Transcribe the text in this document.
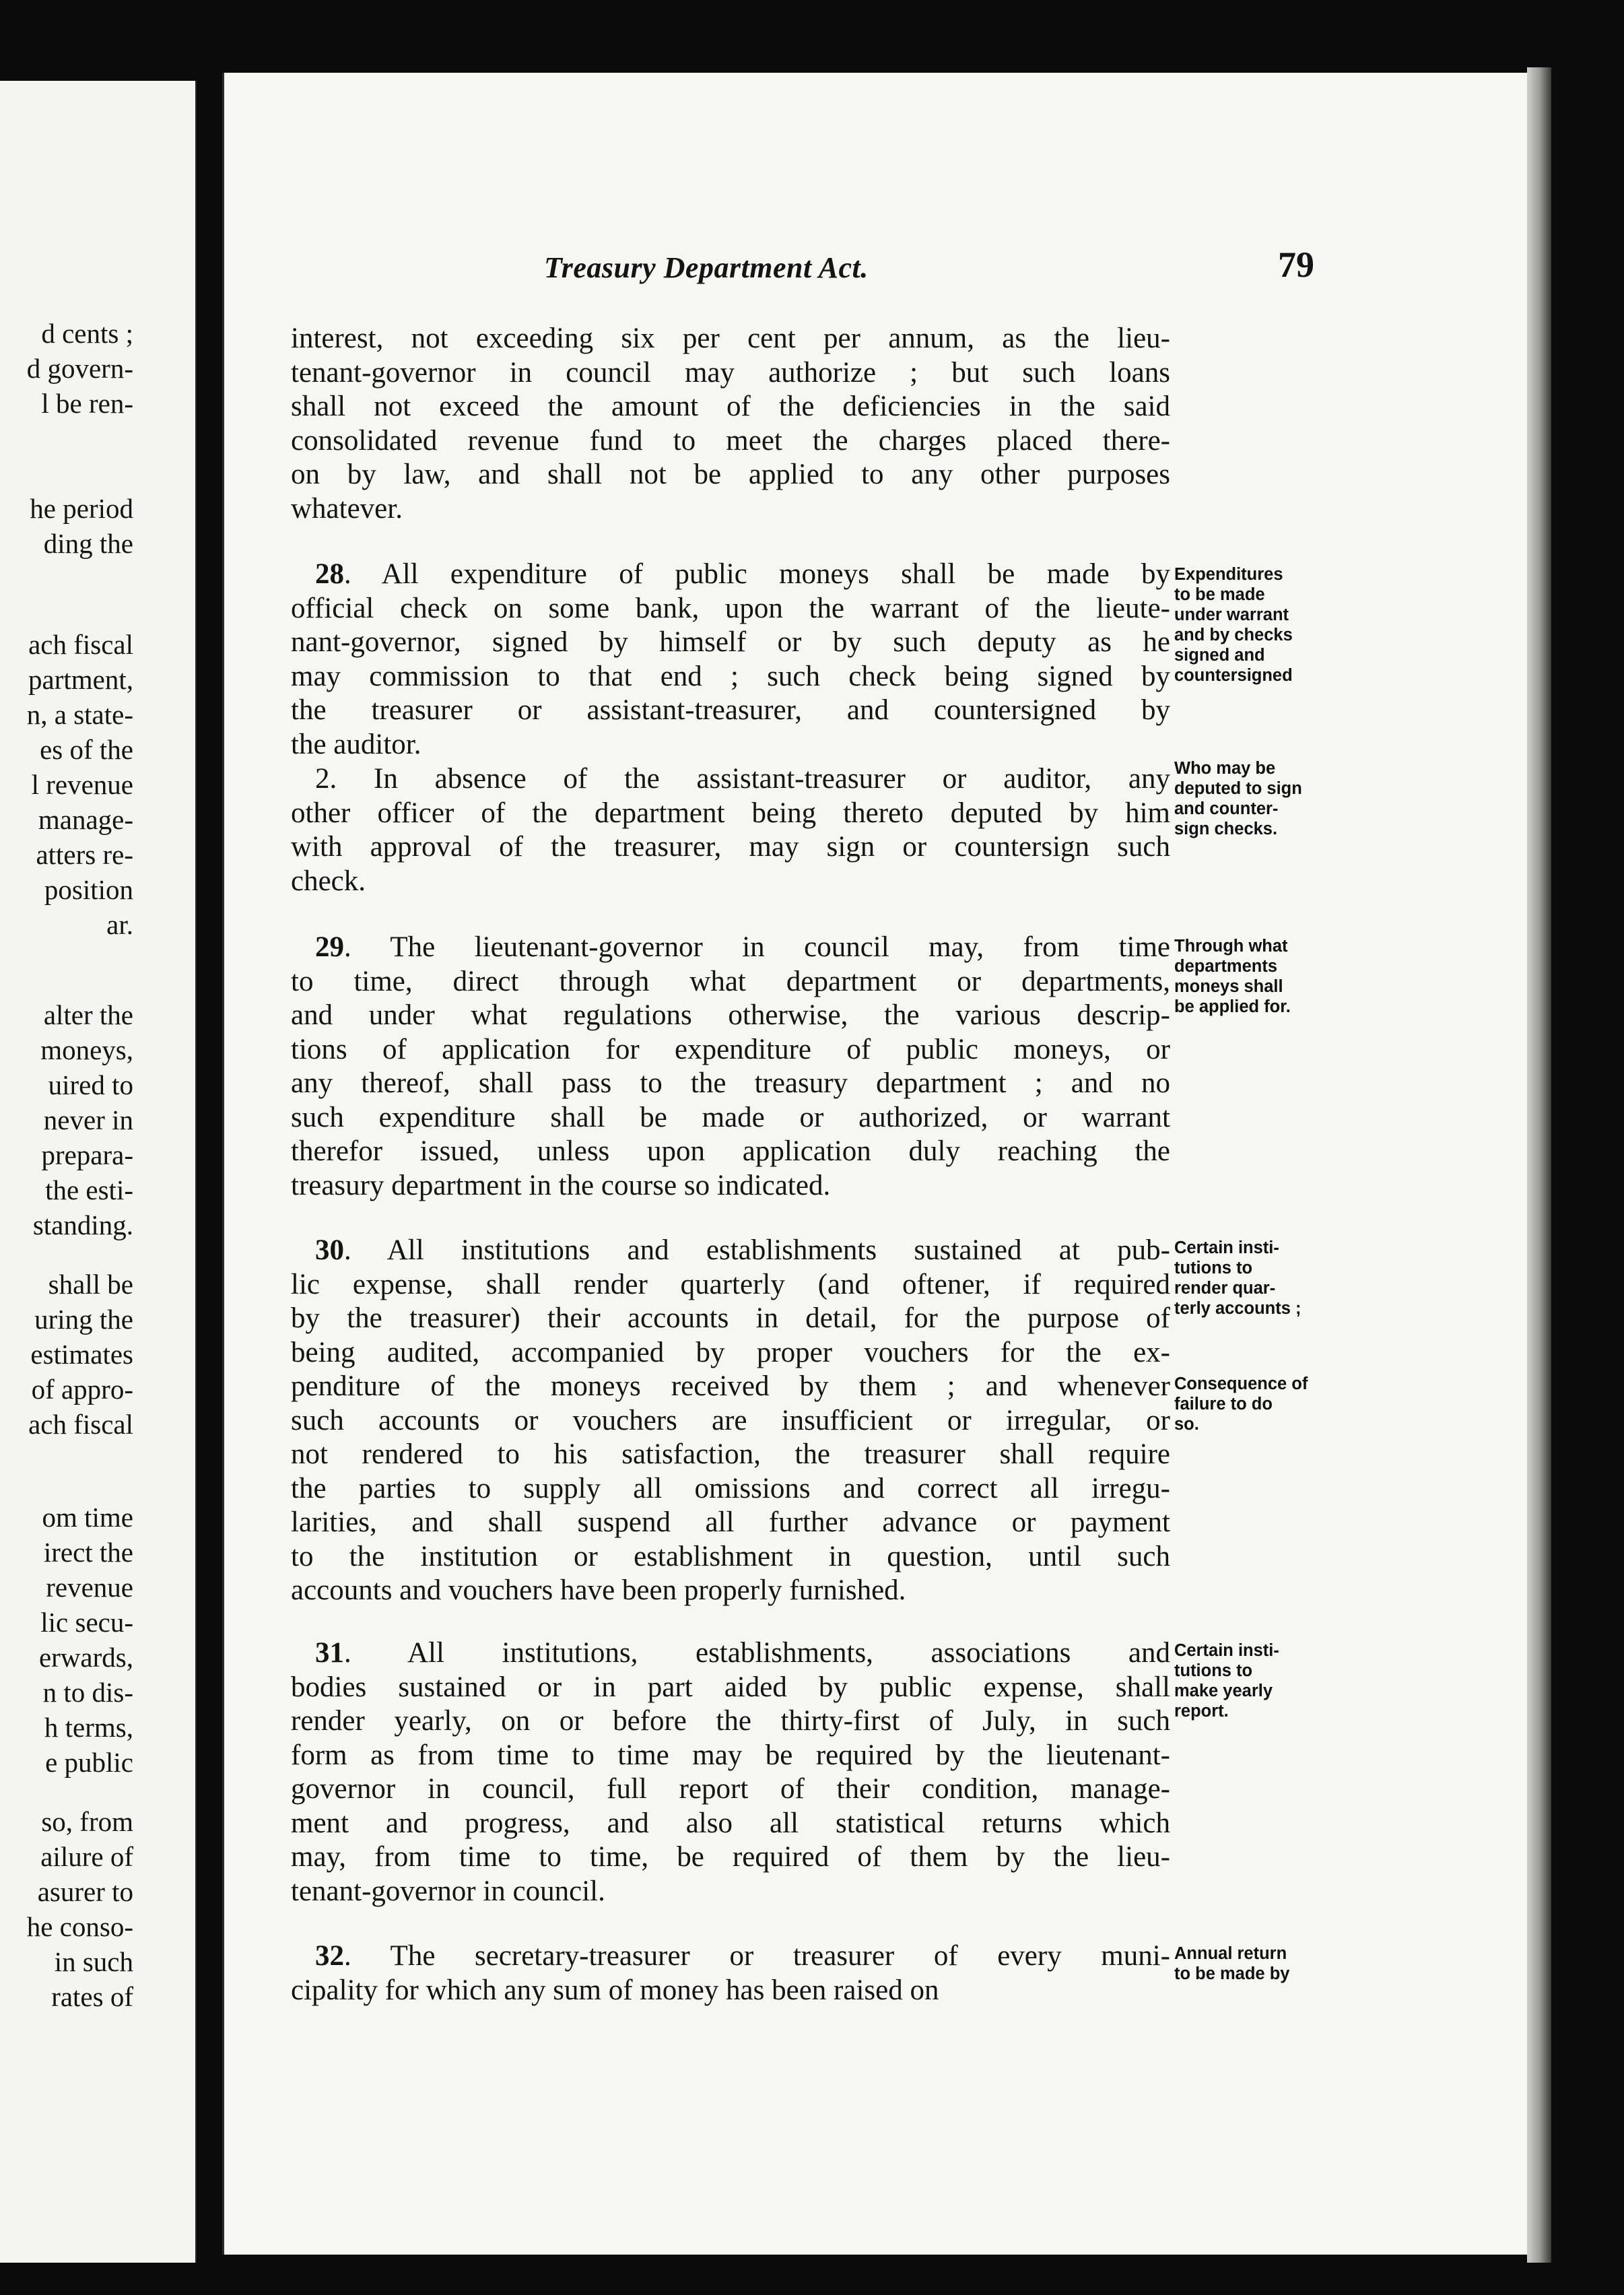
d cents ;
d govern-
l be ren-
he period
ding the
ach fiscal
partment,
n, a state-
es of the
l revenue
manage-
atters re-
position
ar.
alter the
moneys,
uired to
never in
prepara-
the esti-
standing.
shall be
uring the
estimates
of appro-
ach fiscal
om time
irect the
revenue
lic secu-
erwards,
n to dis-
h terms,
e public
so, from
ailure of
asurer to
he conso-
in such
rates of
Treasury Department Act.	79
interest, not exceeding six per cent per annum, as the lieu-
tenant-governor in council may authorize ; but such loans
shall not exceed the amount of the deficiencies in the said
consolidated revenue fund to meet the charges placed there-
on by law, and shall not be applied to any other purposes
whatever.
28. All expenditure of public moneys shall be made by
official check on some bank, upon the warrant of the lieute-
nant-governor, signed by himself or by such deputy as he
may commission to that end ; such check being signed by
the treasurer or assistant-treasurer, and countersigned by
the auditor.
2. In absence of the assistant-treasurer or auditor, any
other officer of the department being thereto deputed by him
with approval of the treasurer, may sign or countersign such
check.
29. The lieutenant-governor in council may, from time
to time, direct through what department or departments,
and under what regulations otherwise, the various descrip-
tions of application for expenditure of public moneys, or
any thereof, shall pass to the treasury department ; and no
such expenditure shall be made or authorized, or warrant
therefor issued, unless upon application duly reaching the
treasury department in the course so indicated.
30. All institutions and establishments sustained at pub-
lic expense, shall render quarterly (and oftener, if required
by the treasurer) their accounts in detail, for the purpose of
being audited, accompanied by proper vouchers for the ex-
penditure of the moneys received by them ; and whenever
such accounts or vouchers are insufficient or irregular, or
not rendered to his satisfaction, the treasurer shall require
the parties to supply all omissions and correct all irregu-
larities, and shall suspend all further advance or payment
to the institution or establishment in question, until such
accounts and vouchers have been properly furnished.
31. All institutions, establishments, associations and
bodies sustained or in part aided by public expense, shall
render yearly, on or before the thirty-first of July, in such
form as from time to time may be required by the lieutenant-
governor in council, full report of their condition, manage-
ment and progress, and also all statistical returns which
may, from time to time, be required of them by the lieu-
tenant-governor in council.
32. The secretary-treasurer or treasurer of every muni-
cipality for which any sum of money has been raised on
Expenditures
to be made
under warrant
and by checks
signed and
countersigned
Who may be
deputed to sign
and counter-
sign checks.
Through what
departments
moneys shall
be applied for.
Certain insti-
tutions to
render quar-
terly accounts ;
Consequence of
failure to do
so.
Certain insti-
tutions to
make yearly
report.
Annual return
to be made by
